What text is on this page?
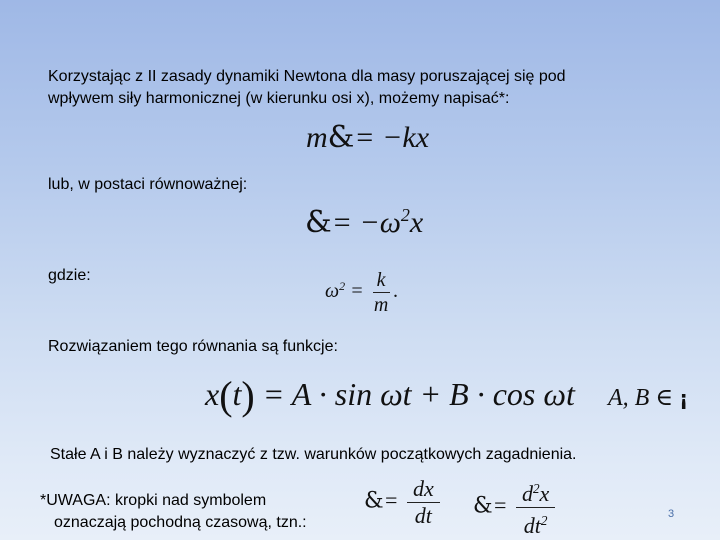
Korzystając z II zasady dynamiki Newtona dla masy poruszającej się pod
wpływem siły harmonicznej (w kierunku osi x), możemy napisać*:
m&= −kx
lub, w postaci równoważnej:
&= $-\omega^2x$
gdzie:
$\omega^2 = \frac{k}{m}$ .
Rozwiązaniem tego równania są funkcje:
x(t) = A · sin ωt + B · cos ωt A, B ∈ ¡
Stałe A i B należy wyznaczyć z tzw. warunków początkowych zagadnienia.
*UWAGA: kropki nad symbolem
oznaczają pochodną czasową, tzn.:
&= $\frac{dx}{dt}$ &= $\frac{d^2x}{dt^2}$	3
